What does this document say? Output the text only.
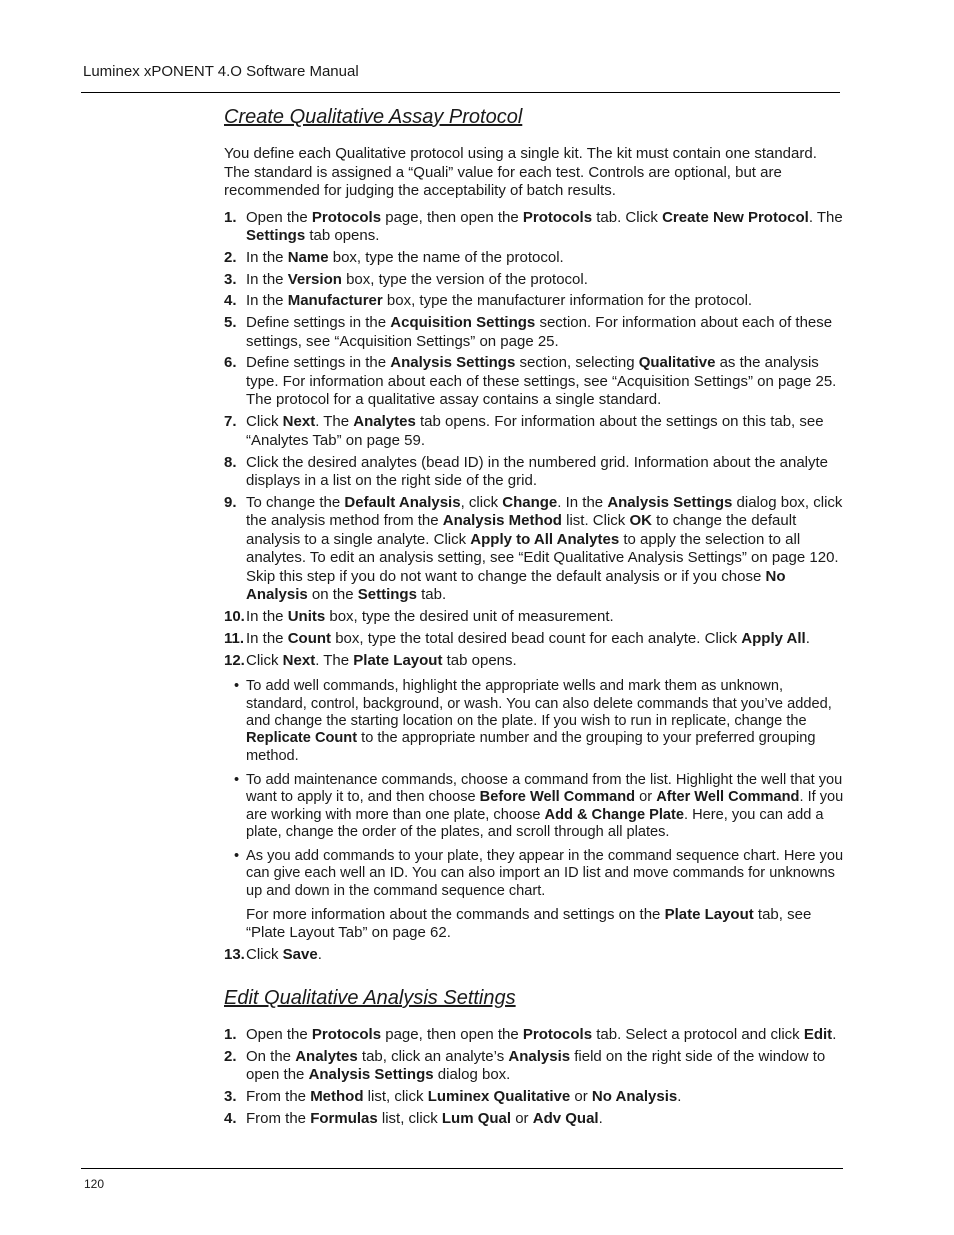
Luminex xPONENT 4.O Software Manual
Create Qualitative Assay Protocol

You define each Qualitative protocol using a single kit. The kit must contain one standard. The standard is assigned a “Quali” value for each test. Controls are optional, but are recommended for judging the acceptability of batch results.

1. Open the Protocols page, then open the Protocols tab. Click Create New Protocol. The Settings tab opens.
2. In the Name box, type the name of the protocol.
3. In the Version box, type the version of the protocol.
4. In the Manufacturer box, type the manufacturer information for the protocol.
5. Define settings in the Acquisition Settings section. For information about each of these settings, see “Acquisition Settings” on page 25.
6. Define settings in the Analysis Settings section, selecting Qualitative as the analysis type. For information about each of these settings, see “Acquisition Settings” on page 25. The protocol for a qualitative assay contains a single standard.
7. Click Next. The Analytes tab opens. For information about the settings on this tab, see “Analytes Tab” on page 59.
8. Click the desired analytes (bead ID) in the numbered grid. Information about the analyte displays in a list on the right side of the grid.
9. To change the Default Analysis, click Change. In the Analysis Settings dialog box, click the analysis method from the Analysis Method list. Click OK to change the default analysis to a single analyte. Click Apply to All Analytes to apply the selection to all analytes. To edit an analysis setting, see “Edit Qualitative Analysis Settings” on page 120. Skip this step if you do not want to change the default analysis or if you chose No Analysis on the Settings tab.
10. In the Units box, type the desired unit of measurement.
11. In the Count box, type the total desired bead count for each analyte. Click Apply All.
12. Click Next. The Plate Layout tab opens.
• To add well commands, highlight the appropriate wells and mark them as unknown, standard, control, background, or wash. You can also delete commands that you’ve added, and change the starting location on the plate. If you wish to run in replicate, change the Replicate Count to the appropriate number and the grouping to your preferred grouping method.
• To add maintenance commands, choose a command from the list. Highlight the well that you want to apply it to, and then choose Before Well Command or After Well Command. If you are working with more than one plate, choose Add & Change Plate. Here, you can add a plate, change the order of the plates, and scroll through all plates.
• As you add commands to your plate, they appear in the command sequence chart. Here you can give each well an ID. You can also import an ID list and move commands for unknowns up and down in the command sequence chart.

For more information about the commands and settings on the Plate Layout tab, see “Plate Layout Tab” on page 62.

13. Click Save.
Edit Qualitative Analysis Settings
1. Open the Protocols page, then open the Protocols tab. Select a protocol and click Edit.
2. On the Analytes tab, click an analyte’s Analysis field on the right side of the window to open the Analysis Settings dialog box.
3. From the Method list, click Luminex Qualitative or No Analysis.
4. From the Formulas list, click Lum Qual or Adv Qual.
120
